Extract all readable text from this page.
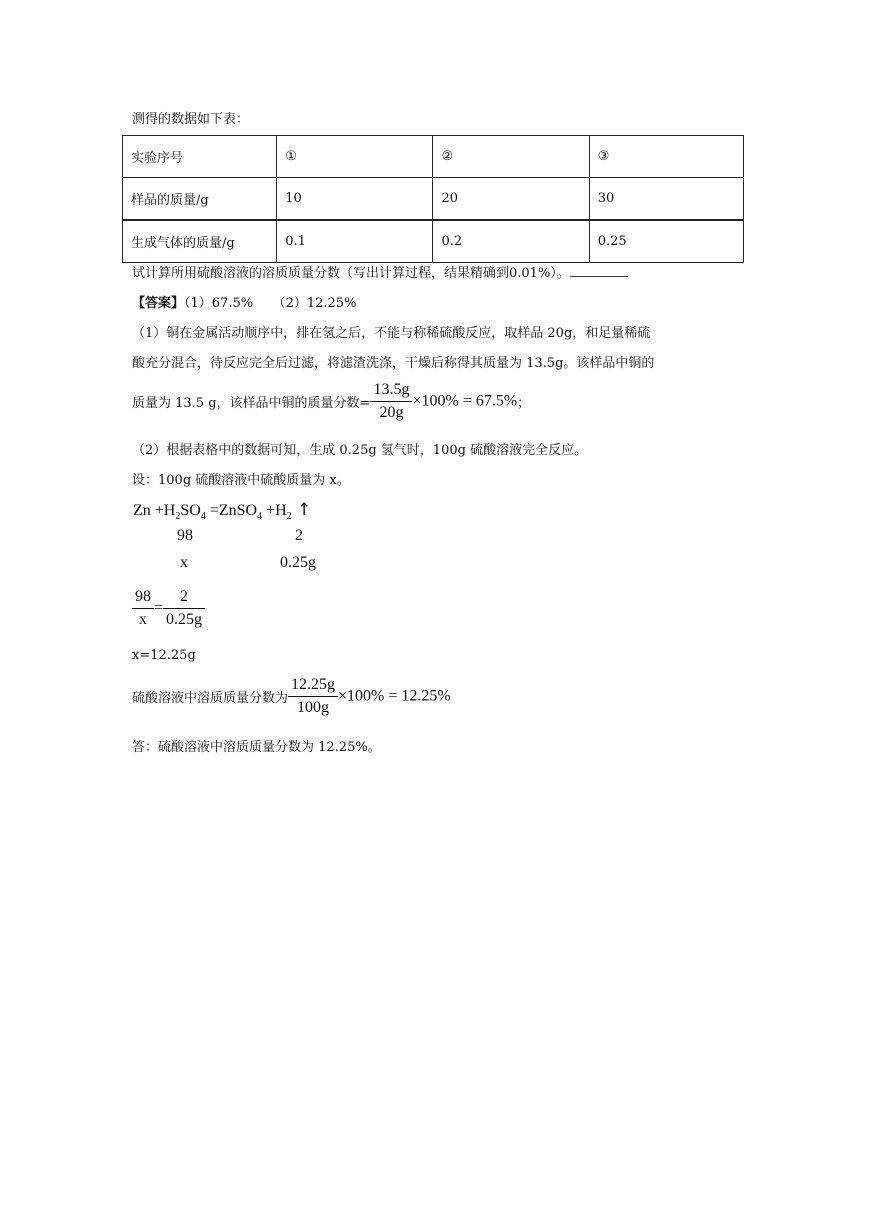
测得的数据如下表：
实验序号	①	②	③
样品的质量/g	10	20	30
生成气体的质量/g	0.1	0.2	0.25
试计算所用硫酸溶液的溶质质量分数（写出计算过程，结果精确到0.01%）。
【答案】（1）67.5%　　（2）12.25%
（1）铜在金属活动顺序中，排在氢之后，不能与称稀硫酸反应，取样品 20g，和足量稀硫
酸充分混合，待反应完全后过滤，将滤渣洗涤，干燥后称得其质量为 13.5g。该样品中铜的
质量为 13.5 g，该样品中铜的质量分数= $\frac{13.5g}{20g} \times 100\% = 67.5\%$；
（2）根据表格中的数据可知，生成 0.25g 氢气时，100g 硫酸溶液完全反应。
设：100g 硫酸溶液中硫酸质量为 x。
$Zn +H_2SO_4$ =ZnSO$_4$ $+H_2$ ↑
98	2
x	0.25g
$\frac{98}{x} = \frac{2}{0.25g}$
x=12.25g
硫酸溶液中溶质质量分数为 $\frac{12.25g}{100g} \times 100\% = 12.25\%$
答：硫酸溶液中溶质质量分数为 12.25%。
